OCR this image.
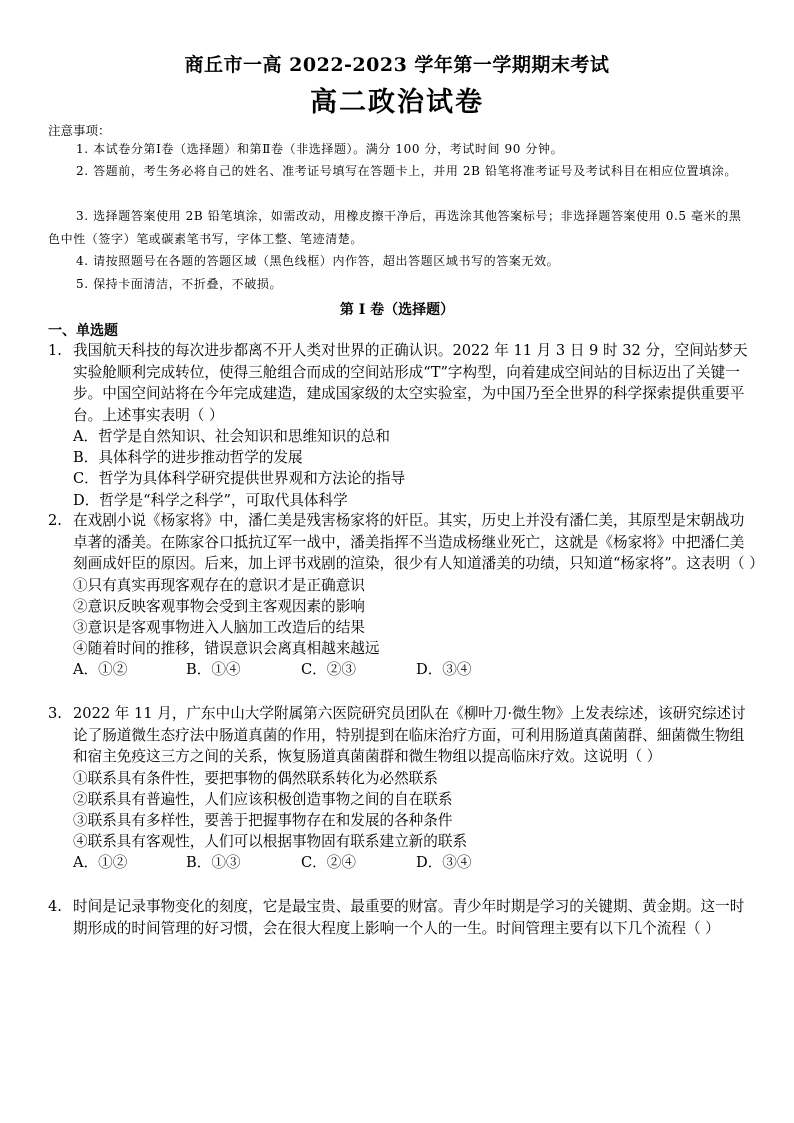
商丘市一高 2022-2023 学年第一学期期末考试
高二政治试卷
注意事项：
1. 本试卷分第Ⅰ卷（选择题）和第Ⅱ卷（非选择题）。满分 100 分，考试时间 90 分钟。
2. 答题前，考生务必将自己的姓名、准考证号填写在答题卡上，并用 2B 铅笔将准考证号及考试科目在相应位置填涂。
3. 选择题答案使用 2B 铅笔填涂，如需改动，用橡皮擦干净后，再选涂其他答案标号；非选择题答案使用 0.5 毫米的黑色中性（签字）笔或碳素笔书写，字体工整、笔迹清楚。
4. 请按照题号在各题的答题区域（黑色线框）内作答，超出答题区域书写的答案无效。
5. 保持卡面清洁，不折叠，不破损。
第 I 卷（选择题）
一、单选题
1. 我国航天科技的每次进步都离不开人类对世界的正确认识。2022 年 11 月 3 日 9 时 32 分，空间站梦天实验舱顺利完成转位，使得三舱组合而成的空间站形成“T”字构型，向着建成空间站的目标迈出了关键一步。中国空间站将在今年完成建造，建成国家级的太空实验室，为中国乃至全世界的科学探索提供重要平台。上述事实表明（ ）
A．哲学是自然知识、社会知识和思维知识的总和
B．具体科学的进步推动哲学的发展
C．哲学为具体科学研究提供世界观和方法论的指导
D．哲学是“科学之科学”，可取代具体科学
2. 在戏剧小说《杨家将》中，潘仁美是残害杨家将的奸臣。其实，历史上并没有潘仁美，其原型是宋朝战功卓著的潘美。在陈家谷口抵抗辽军一战中，潘美指挥不当造成杨继业死亡，这就是《杨家将》中把潘仁美刻画成奸臣的原因。后来，加上评书戏剧的渲染，很少有人知道潘美的功绩，只知道“杨家将”。这表明（ ）
①只有真实再现客观存在的意识才是正确意识
②意识反映客观事物会受到主客观因素的影响
③意识是客观事物进入人脑加工改造后的结果
④随着时间的推移，错误意识会离真相越来越远
A．①②	B．①④	C．②③	D．③④
3. 2022 年 11 月，广东中山大学附属第六医院研究员团队在《柳叶刀·微生物》上发表综述，该研究综述讨论了肠道微生态疗法中肠道真菌的作用，特别提到在临床治疗方面，可利用肠道真菌菌群、細菌微生物组和宿主免疫这三方之间的关系，恢复肠道真菌菌群和微生物组以提高临床疗效。这说明（ ）
①联系具有条件性，要把事物的偶然联系转化为必然联系
②联系具有普遍性，人们应该积极创造事物之间的自在联系
③联系具有多样性，要善于把握事物存在和发展的各种条件
④联系具有客观性，人们可以根据事物固有联系建立新的联系
A．①②	B．①③	C．②④	D．③④
4. 时间是记录事物变化的刻度，它是最宝贵、最重要的财富。青少年时期是学习的关键期、黄金期。这一时期形成的时间管理的好习惯，会在很大程度上影响一个人的一生。时间管理主要有以下几个流程（ ）
